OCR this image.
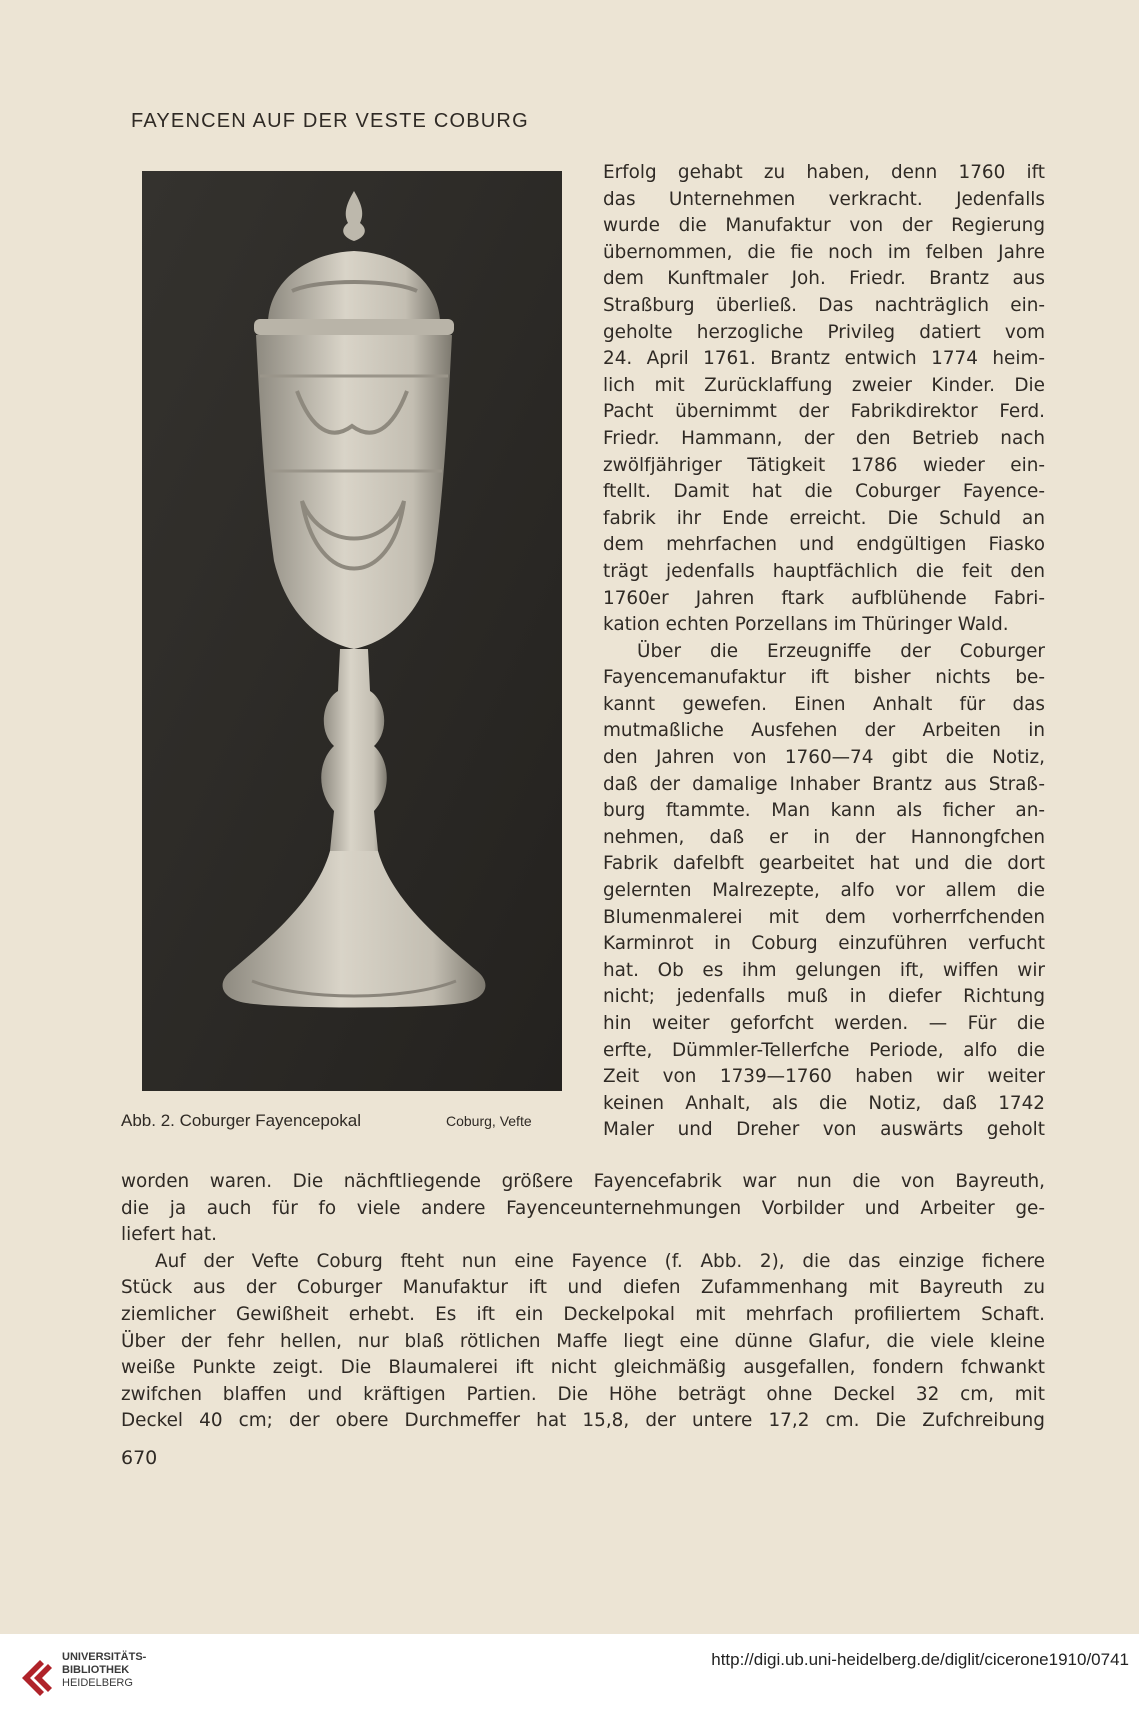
FAYENCEN AUF DER VESTE COBURG
Abb. 2. Coburger Fayencepokal	Coburg, Vefte
Erfolg gehabt zu haben, denn 1760 ift
das Unternehmen verkracht. Jedenfalls
wurde die Manufaktur von der Regierung
übernommen, die fie noch im felben Jahre
dem Kunftmaler Joh. Friedr. Brantz aus
Straßburg überließ. Das nachträglich ein-
geholte herzogliche Privileg datiert vom
24. April 1761. Brantz entwich 1774 heim-
lich mit Zurücklaffung zweier Kinder. Die
Pacht übernimmt der Fabrikdirektor Ferd.
Friedr. Hammann, der den Betrieb nach
zwölfjähriger Tätigkeit 1786 wieder ein-
ftellt. Damit hat die Coburger Fayence-
fabrik ihr Ende erreicht. Die Schuld an
dem mehrfachen und endgültigen Fiasko
trägt jedenfalls hauptfächlich die feit den
1760er Jahren ftark aufblühende Fabri-
kation echten Porzellans im Thüringer Wald.
Über die Erzeugniffe der Coburger
Fayencemanufaktur ift bisher nichts be-
kannt gewefen. Einen Anhalt für das
mutmaßliche Ausfehen der Arbeiten in
den Jahren von 1760—74 gibt die Notiz,
daß der damalige Inhaber Brantz aus Straß-
burg ftammte. Man kann als ficher an-
nehmen, daß er in der Hannongfchen
Fabrik dafelbft gearbeitet hat und die dort
gelernten Malrezepte, alfo vor allem die
Blumenmalerei mit dem vorherrfchenden
Karminrot in Coburg einzuführen verfucht
hat. Ob es ihm gelungen ift, wiffen wir
nicht; jedenfalls muß in diefer Richtung
hin weiter geforfcht werden. — Für die
erfte, Dümmler-Tellerfche Periode, alfo die
Zeit von 1739—1760 haben wir weiter
keinen Anhalt, als die Notiz, daß 1742
Maler und Dreher von auswärts geholt
worden waren. Die nächftliegende größere Fayencefabrik war nun die von Bayreuth,
die ja auch für fo viele andere Fayenceunternehmungen Vorbilder und Arbeiter ge-
liefert hat.
Auf der Vefte Coburg fteht nun eine Fayence (f. Abb. 2), die das einzige fichere
Stück aus der Coburger Manufaktur ift und diefen Zufammenhang mit Bayreuth zu
ziemlicher Gewißheit erhebt. Es ift ein Deckelpokal mit mehrfach profiliertem Schaft.
Über der fehr hellen, nur blaß rötlichen Maffe liegt eine dünne Glafur, die viele kleine
weiße Punkte zeigt. Die Blaumalerei ift nicht gleichmäßig ausgefallen, fondern fchwankt
zwifchen blaffen und kräftigen Partien. Die Höhe beträgt ohne Deckel 32 cm, mit
Deckel 40 cm; der obere Durchmeffer hat 15,8, der untere 17,2 cm. Die Zufchreibung
670
UNIVERSITÄTS-
BIBLIOTHEK
HEIDELBERG
http://digi.ub.uni-heidelberg.de/diglit/cicerone1910/0741
